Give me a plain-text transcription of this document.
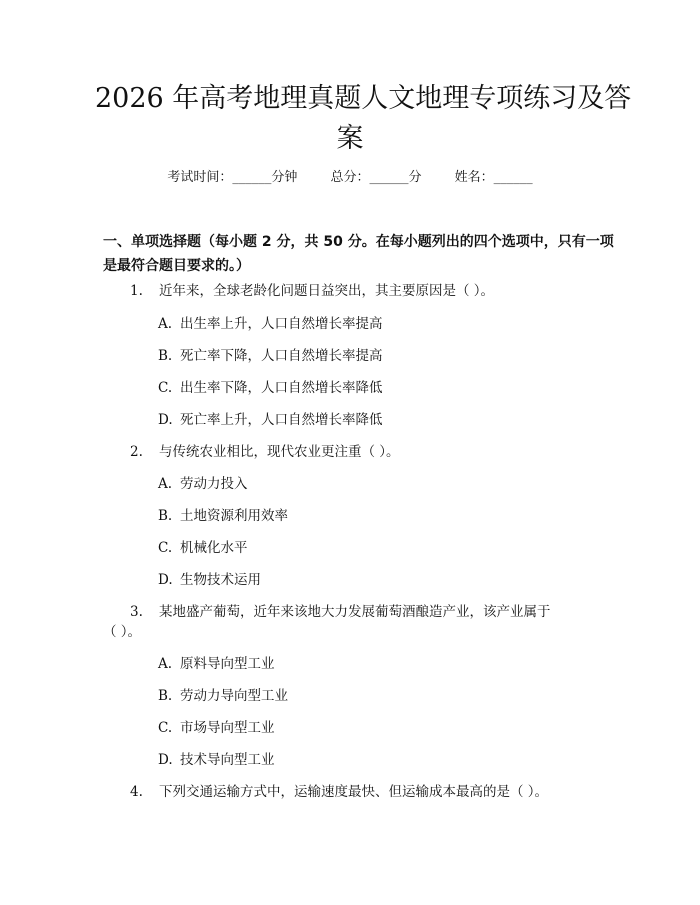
2026 年高考地理真题人文地理专项练习及答
案
考试时间：______分钟	总分：______分	姓名：______
一、单项选择题（每小题 2 分，共 50 分。在每小题列出的四个选项中，只有一项
是最符合题目要求的。）
1. 近年来，全球老龄化问题日益突出，其主要原因是（ ）。
A. 出生率上升，人口自然增长率提高
B. 死亡率下降，人口自然增长率提高
C. 出生率下降，人口自然增长率降低
D. 死亡率上升，人口自然增长率降低
2. 与传统农业相比，现代农业更注重（ ）。
A. 劳动力投入
B. 土地资源利用效率
C. 机械化水平
D. 生物技术运用
3. 某地盛产葡萄，近年来该地大力发展葡萄酒酿造产业，该产业属于
（ ）。
A. 原料导向型工业
B. 劳动力导向型工业
C. 市场导向型工业
D. 技术导向型工业
4. 下列交通运输方式中，运输速度最快、但运输成本最高的是（ ）。
